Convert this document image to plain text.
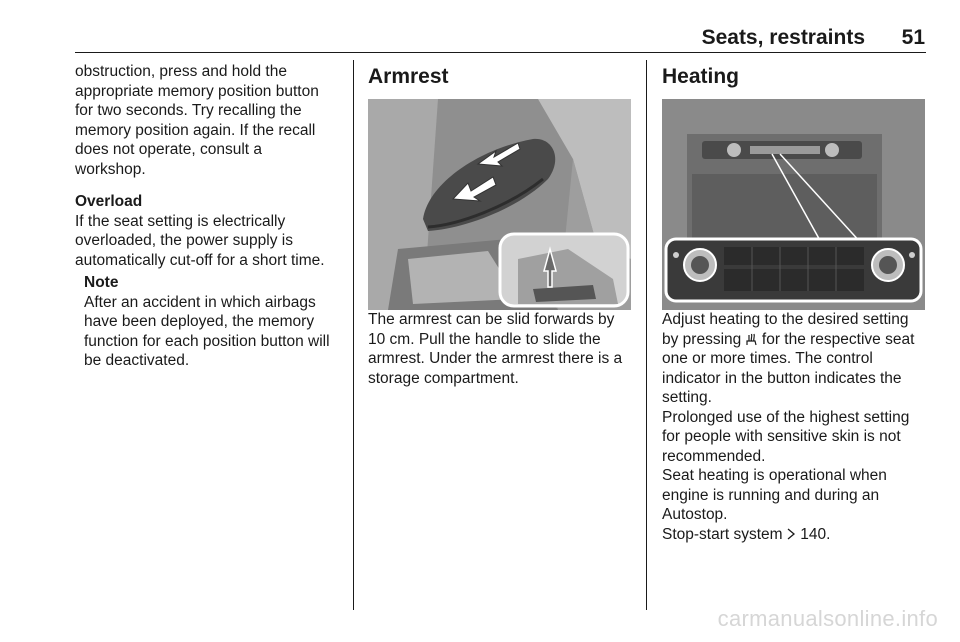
Seats, restraints 51

obstruction, press and hold the
appropriate memory position button
for two seconds. Try recalling the
memory position again. If the recall
does not operate, consult a
workshop.

Overload

If the seat setting is electrically
overloaded, the power supply is
automatically cut-off for a short time.

Note

After an accident in which airbags
have been deployed, the memory
function for each position button will
be deactivated.

Armrest

The armrest can be slid forwards by
10 cm. Pull the handle to slide the
armrest. Under the armrest there is a
storage compartment.

Heating

Adjust heating to the desired setting
by pressing for the respective seat
one or more times. The control
indicator in the button indicates the
setting.

Prolonged use of the highest setting
for people with sensitive skin is not
recommended.

Seat heating is operational when
engine is running and during an
Autostop.

Stop-start system 140.

carmanualsonline.info
